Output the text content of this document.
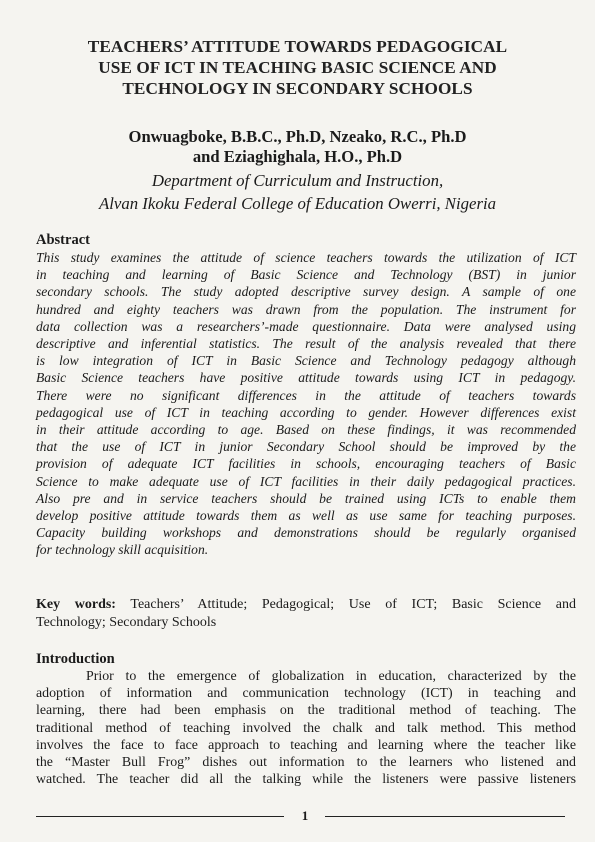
TEACHERS’ ATTITUDE TOWARDS PEDAGOGICAL
USE OF ICT IN TEACHING BASIC SCIENCE AND
TECHNOLOGY IN SECONDARY SCHOOLS
Onwuagboke, B.B.C., Ph.D, Nzeako, R.C., Ph.D
and Eziaghighala, H.O., Ph.D
Department of Curriculum and Instruction,
Alvan Ikoku Federal College of Education Owerri, Nigeria
Abstract
This study examines the attitude of science teachers towards the utilization of ICT
in teaching and learning of Basic Science and Technology (BST) in junior
secondary schools. The study adopted descriptive survey design. A sample of one
hundred and eighty teachers was drawn from the population. The instrument for
data collection was a researchers’-made questionnaire. Data were analysed using
descriptive and inferential statistics. The result of the analysis revealed that there
is low integration of ICT in Basic Science and Technology pedagogy although
Basic Science teachers have positive attitude towards using ICT in pedagogy.
There were no significant differences in the attitude of teachers towards
pedagogical use of ICT in teaching according to gender. However differences exist
in their attitude according to age. Based on these findings, it was recommended
that the use of ICT in junior Secondary School should be improved by the
provision of adequate ICT facilities in schools, encouraging teachers of Basic
Science to make adequate use of ICT facilities in their daily pedagogical practices.
Also pre and in service teachers should be trained using ICTs to enable them
develop positive attitude towards them as well as use same for teaching purposes.
Capacity building workshops and demonstrations should be regularly organised
for technology skill acquisition.
Key words: Teachers’ Attitude; Pedagogical; Use of ICT; Basic Science and
Technology; Secondary Schools
Introduction
Prior to the emergence of globalization in education, characterized by the
adoption of information and communication technology (ICT) in teaching and
learning, there had been emphasis on the traditional method of teaching. The
traditional method of teaching involved the chalk and talk method. This method
involves the face to face approach to teaching and learning where the teacher like
the “Master Bull Frog” dishes out information to the learners who listened and
watched. The teacher did all the talking while the listeners were passive listeners
1
